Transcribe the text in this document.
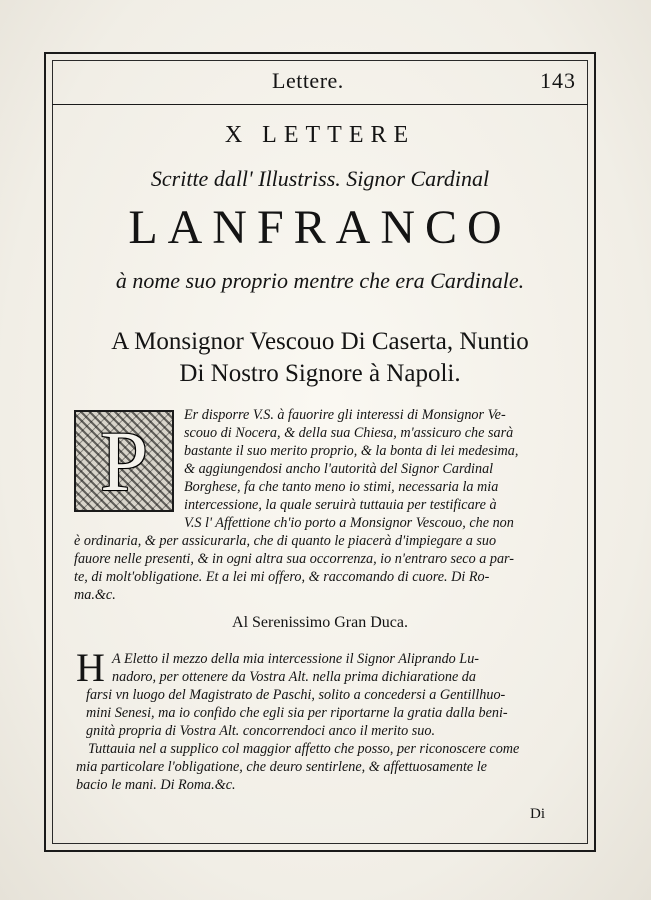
Lettere.	143
X LETTERE
Scritte dall' Illustriss. Signor Cardinal
LANFRANCO
à nome suo proprio mentre che era Cardinale.
A Monsignor Vescouo Di Caserta, Nuntio
Di Nostro Signore à Napoli.
P	Er disporre V.S. à fauorire gli interessi di Monsignor Ve-
scouo di Nocera, & della sua Chiesa, m'assicuro che sarà
bastante il suo merito proprio, & la bonta di lei medesima,
& aggiungendosi ancho l'autorità del Signor Cardinal
Borghese, fa che tanto meno io stimi, necessaria la mia
intercessione, la quale seruirà tuttauia per testificare à
V.S l' Affettione ch'io porto a Monsignor Vescouo, che non
è ordinaria, & per assicurarla, che di quanto le piacerà d'impiegare a suo
fauore nelle presenti, & in ogni altra sua occorrenza, io n'entraro seco a par-
te, di molt'obligatione. Et a lei mi offero, & raccomando di cuore. Di Ro-
ma.&c.
Al Serenissimo Gran Duca.
H A Eletto il mezzo della mia intercessione il Signor Aliprando Lu-
nadoro, per ottenere da Vostra Alt. nella prima dichiaratione da
farsi vn luogo del Magistrato de Paschi, solito a concedersi a Gentillhuo-
mini Senesi, ma io confido che egli sia per riportarne la gratia dalla beni-
gnità propria di Vostra Alt. concorrendoci anco il merito suo.
Tuttauia nel a supplico col maggior affetto che posso, per riconoscere come
mia particolare l'obligatione, che deuro sentirlene, & affettuosamente le
bacio le mani. Di Roma.&c.
Di
